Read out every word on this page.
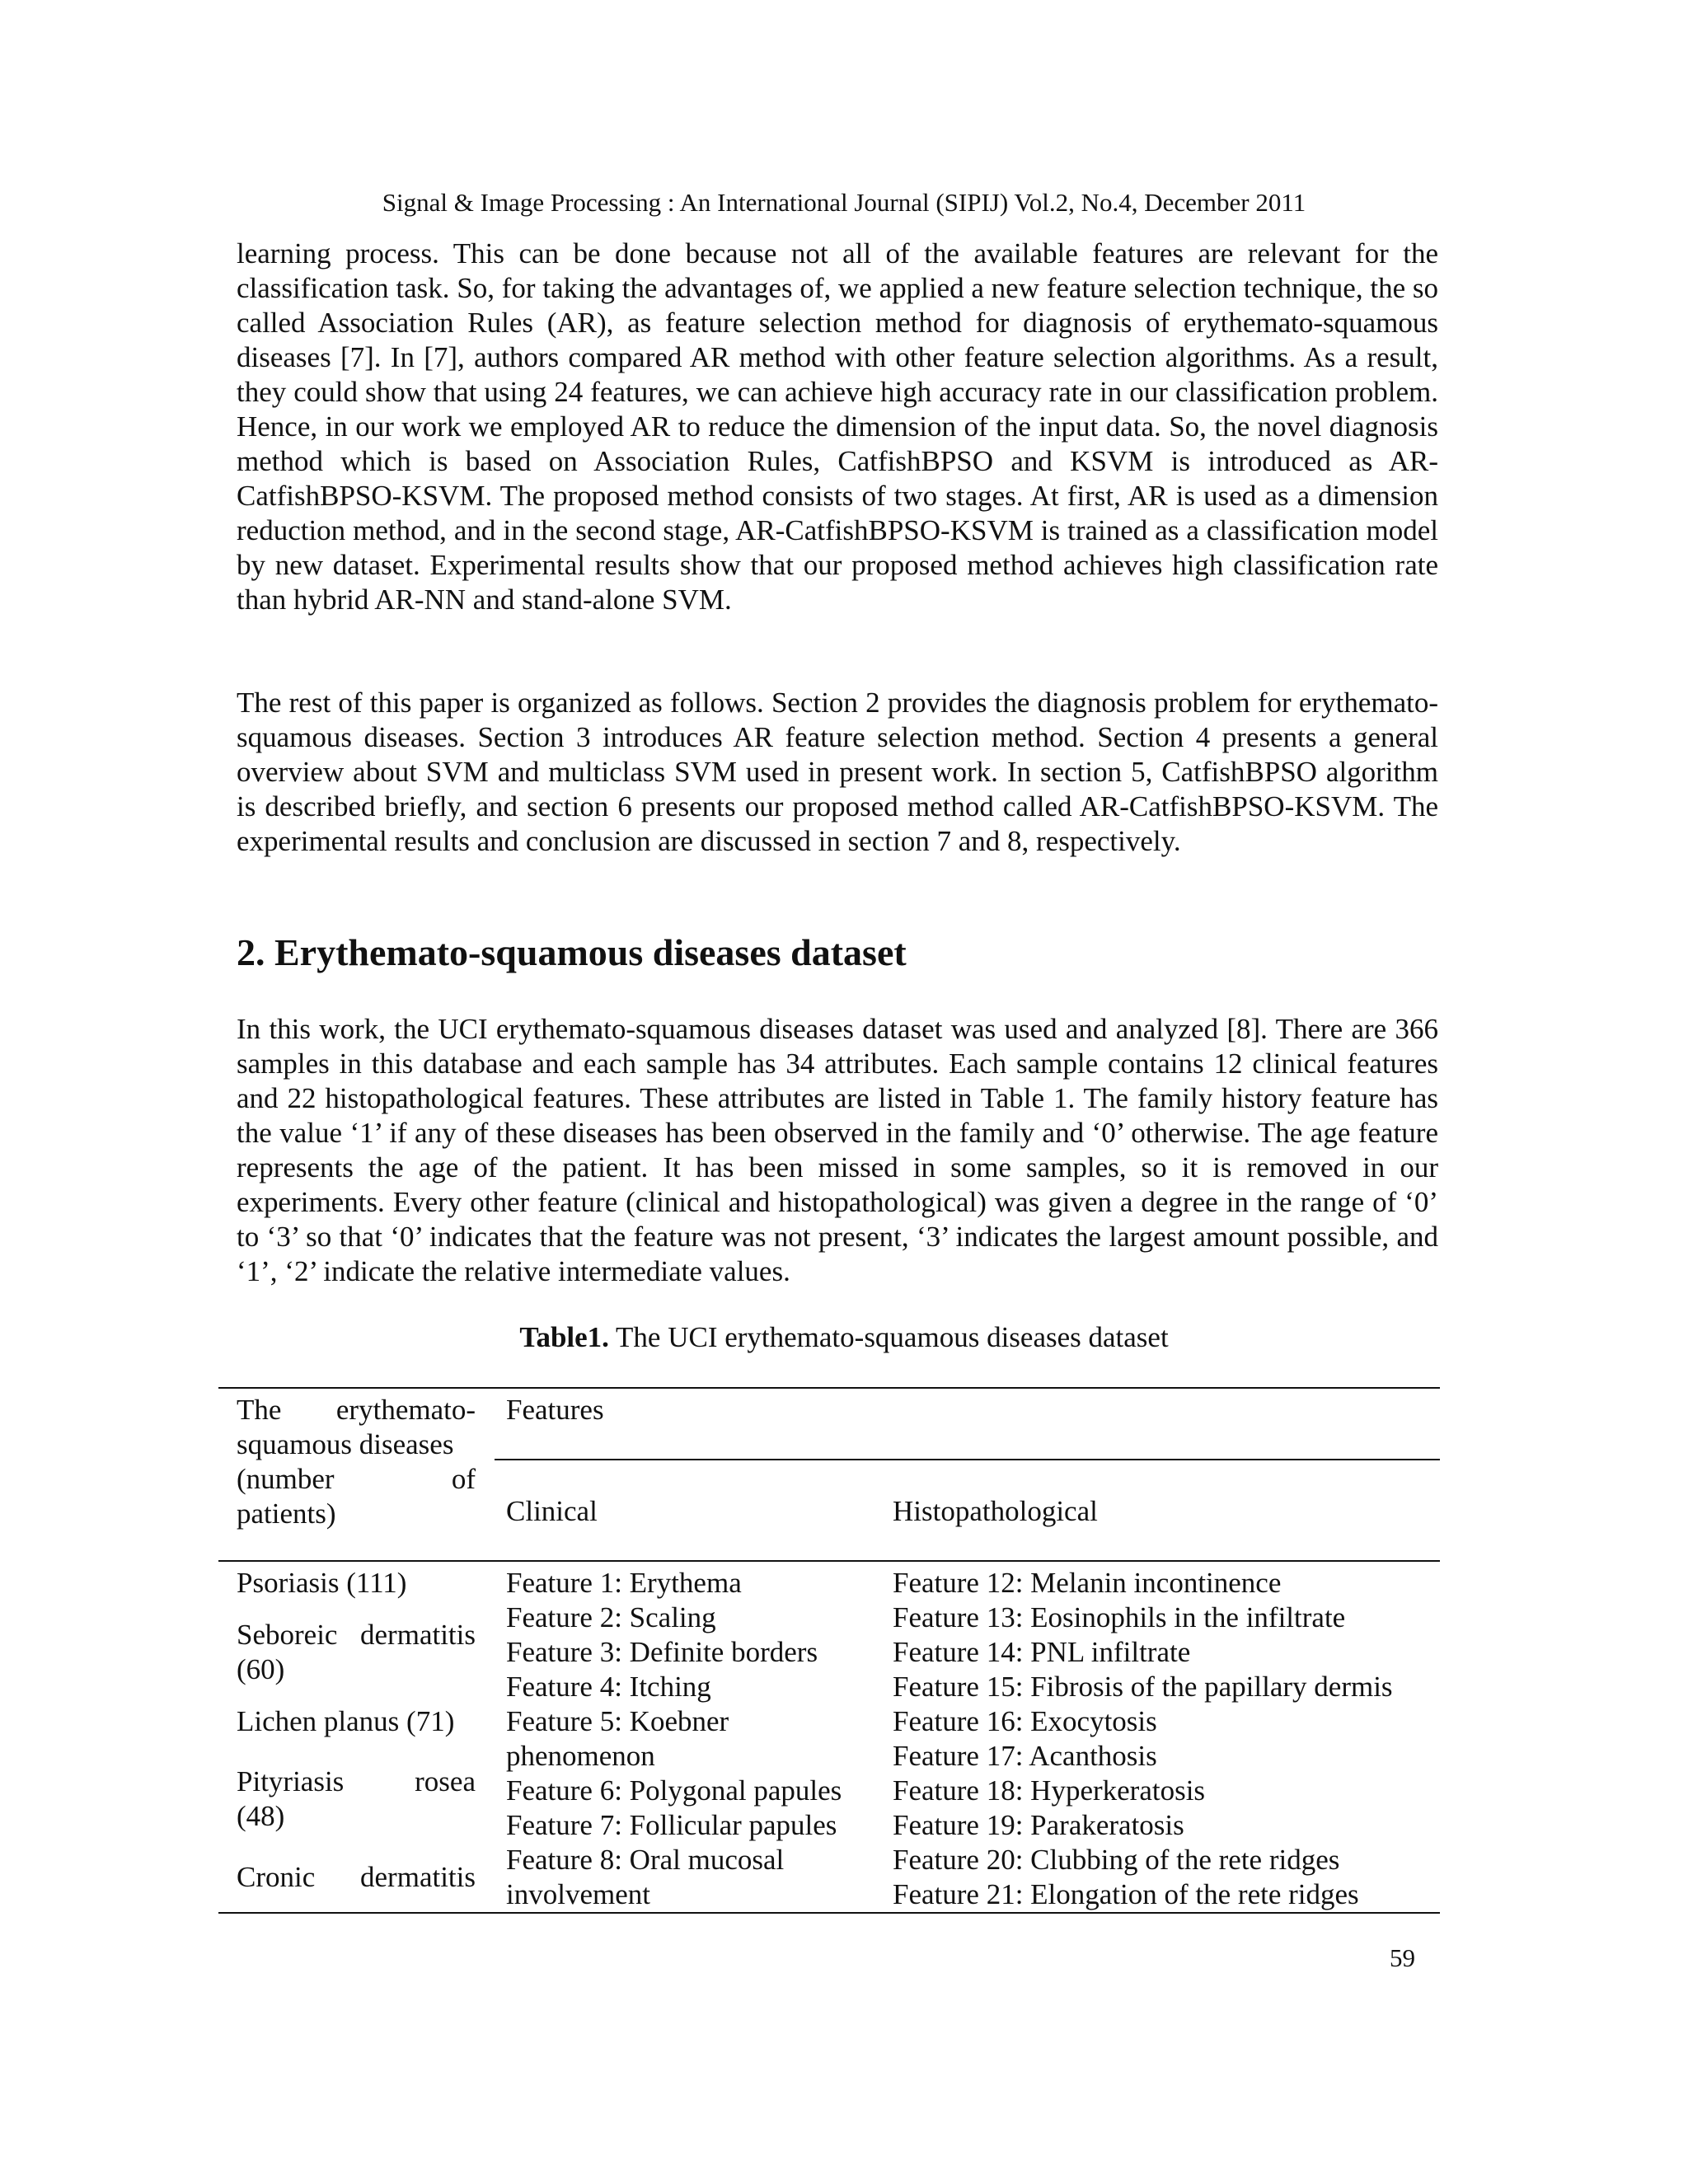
Signal & Image Processing : An International Journal (SIPIJ) Vol.2, No.4, December 2011

learning process. This can be done because not all of the available features are relevant for the classification task. So, for taking the advantages of, we applied a new feature selection technique, the so called Association Rules (AR), as feature selection method for diagnosis of erythemato-squamous diseases [7]. In [7], authors compared AR method with other feature selection algorithms. As a result, they could show that using 24 features, we can achieve high accuracy rate in our classification problem. Hence, in our work we employed AR to reduce the dimension of the input data. So, the novel diagnosis method which is based on Association Rules, CatfishBPSO and KSVM is introduced as AR-CatfishBPSO-KSVM. The proposed method consists of two stages. At first, AR is used as a dimension reduction method, and in the second stage, AR-CatfishBPSO-KSVM is trained as a classification model by new dataset. Experimental results show that our proposed method achieves high classification rate than hybrid AR-NN and stand-alone SVM.

The rest of this paper is organized as follows. Section 2 provides the diagnosis problem for erythemato-squamous diseases. Section 3 introduces AR feature selection method. Section 4 presents a general overview about SVM and multiclass SVM used in present work. In section 5, CatfishBPSO algorithm is described briefly, and section 6 presents our proposed method called AR-CatfishBPSO-KSVM. The experimental results and conclusion are discussed in section 7 and 8, respectively.

2. Erythemato-squamous diseases dataset

In this work, the UCI erythemato-squamous diseases dataset was used and analyzed [8]. There are 366 samples in this database and each sample has 34 attributes. Each sample contains 12 clinical features and 22 histopathological features. These attributes are listed in Table 1. The family history feature has the value ‘1’ if any of these diseases has been observed in the family and ‘0’ otherwise. The age feature represents the age of the patient. It has been missed in some samples, so it is removed in our experiments. Every other feature (clinical and histopathological) was given a degree in the range of ‘0’ to ‘3’ so that ‘0’ indicates that the feature was not present, ‘3’ indicates the largest amount possible, and ‘1’, ‘2’ indicate the relative intermediate values.

Table1. The UCI erythemato-squamous diseases dataset
The erythemato-
squamous diseases
(number of
patients)
Features
Clinical	Histopathological
Psoriasis (111)
Seboreic dermatitis
(60)
Lichen planus (71)
Pityriasis rosea
(48)
Cronic dermatitis
Feature 1: Erythema
Feature 2: Scaling
Feature 3: Definite borders
Feature 4: Itching
Feature 5: Koebner
phenomenon
Feature 6: Polygonal papules
Feature 7: Follicular papules
Feature 8: Oral mucosal
involvement
Feature 12: Melanin incontinence
Feature 13: Eosinophils in the infiltrate
Feature 14: PNL infiltrate
Feature 15: Fibrosis of the papillary dermis
Feature 16: Exocytosis
Feature 17: Acanthosis
Feature 18: Hyperkeratosis
Feature 19: Parakeratosis
Feature 20: Clubbing of the rete ridges
Feature 21: Elongation of the rete ridges
59
